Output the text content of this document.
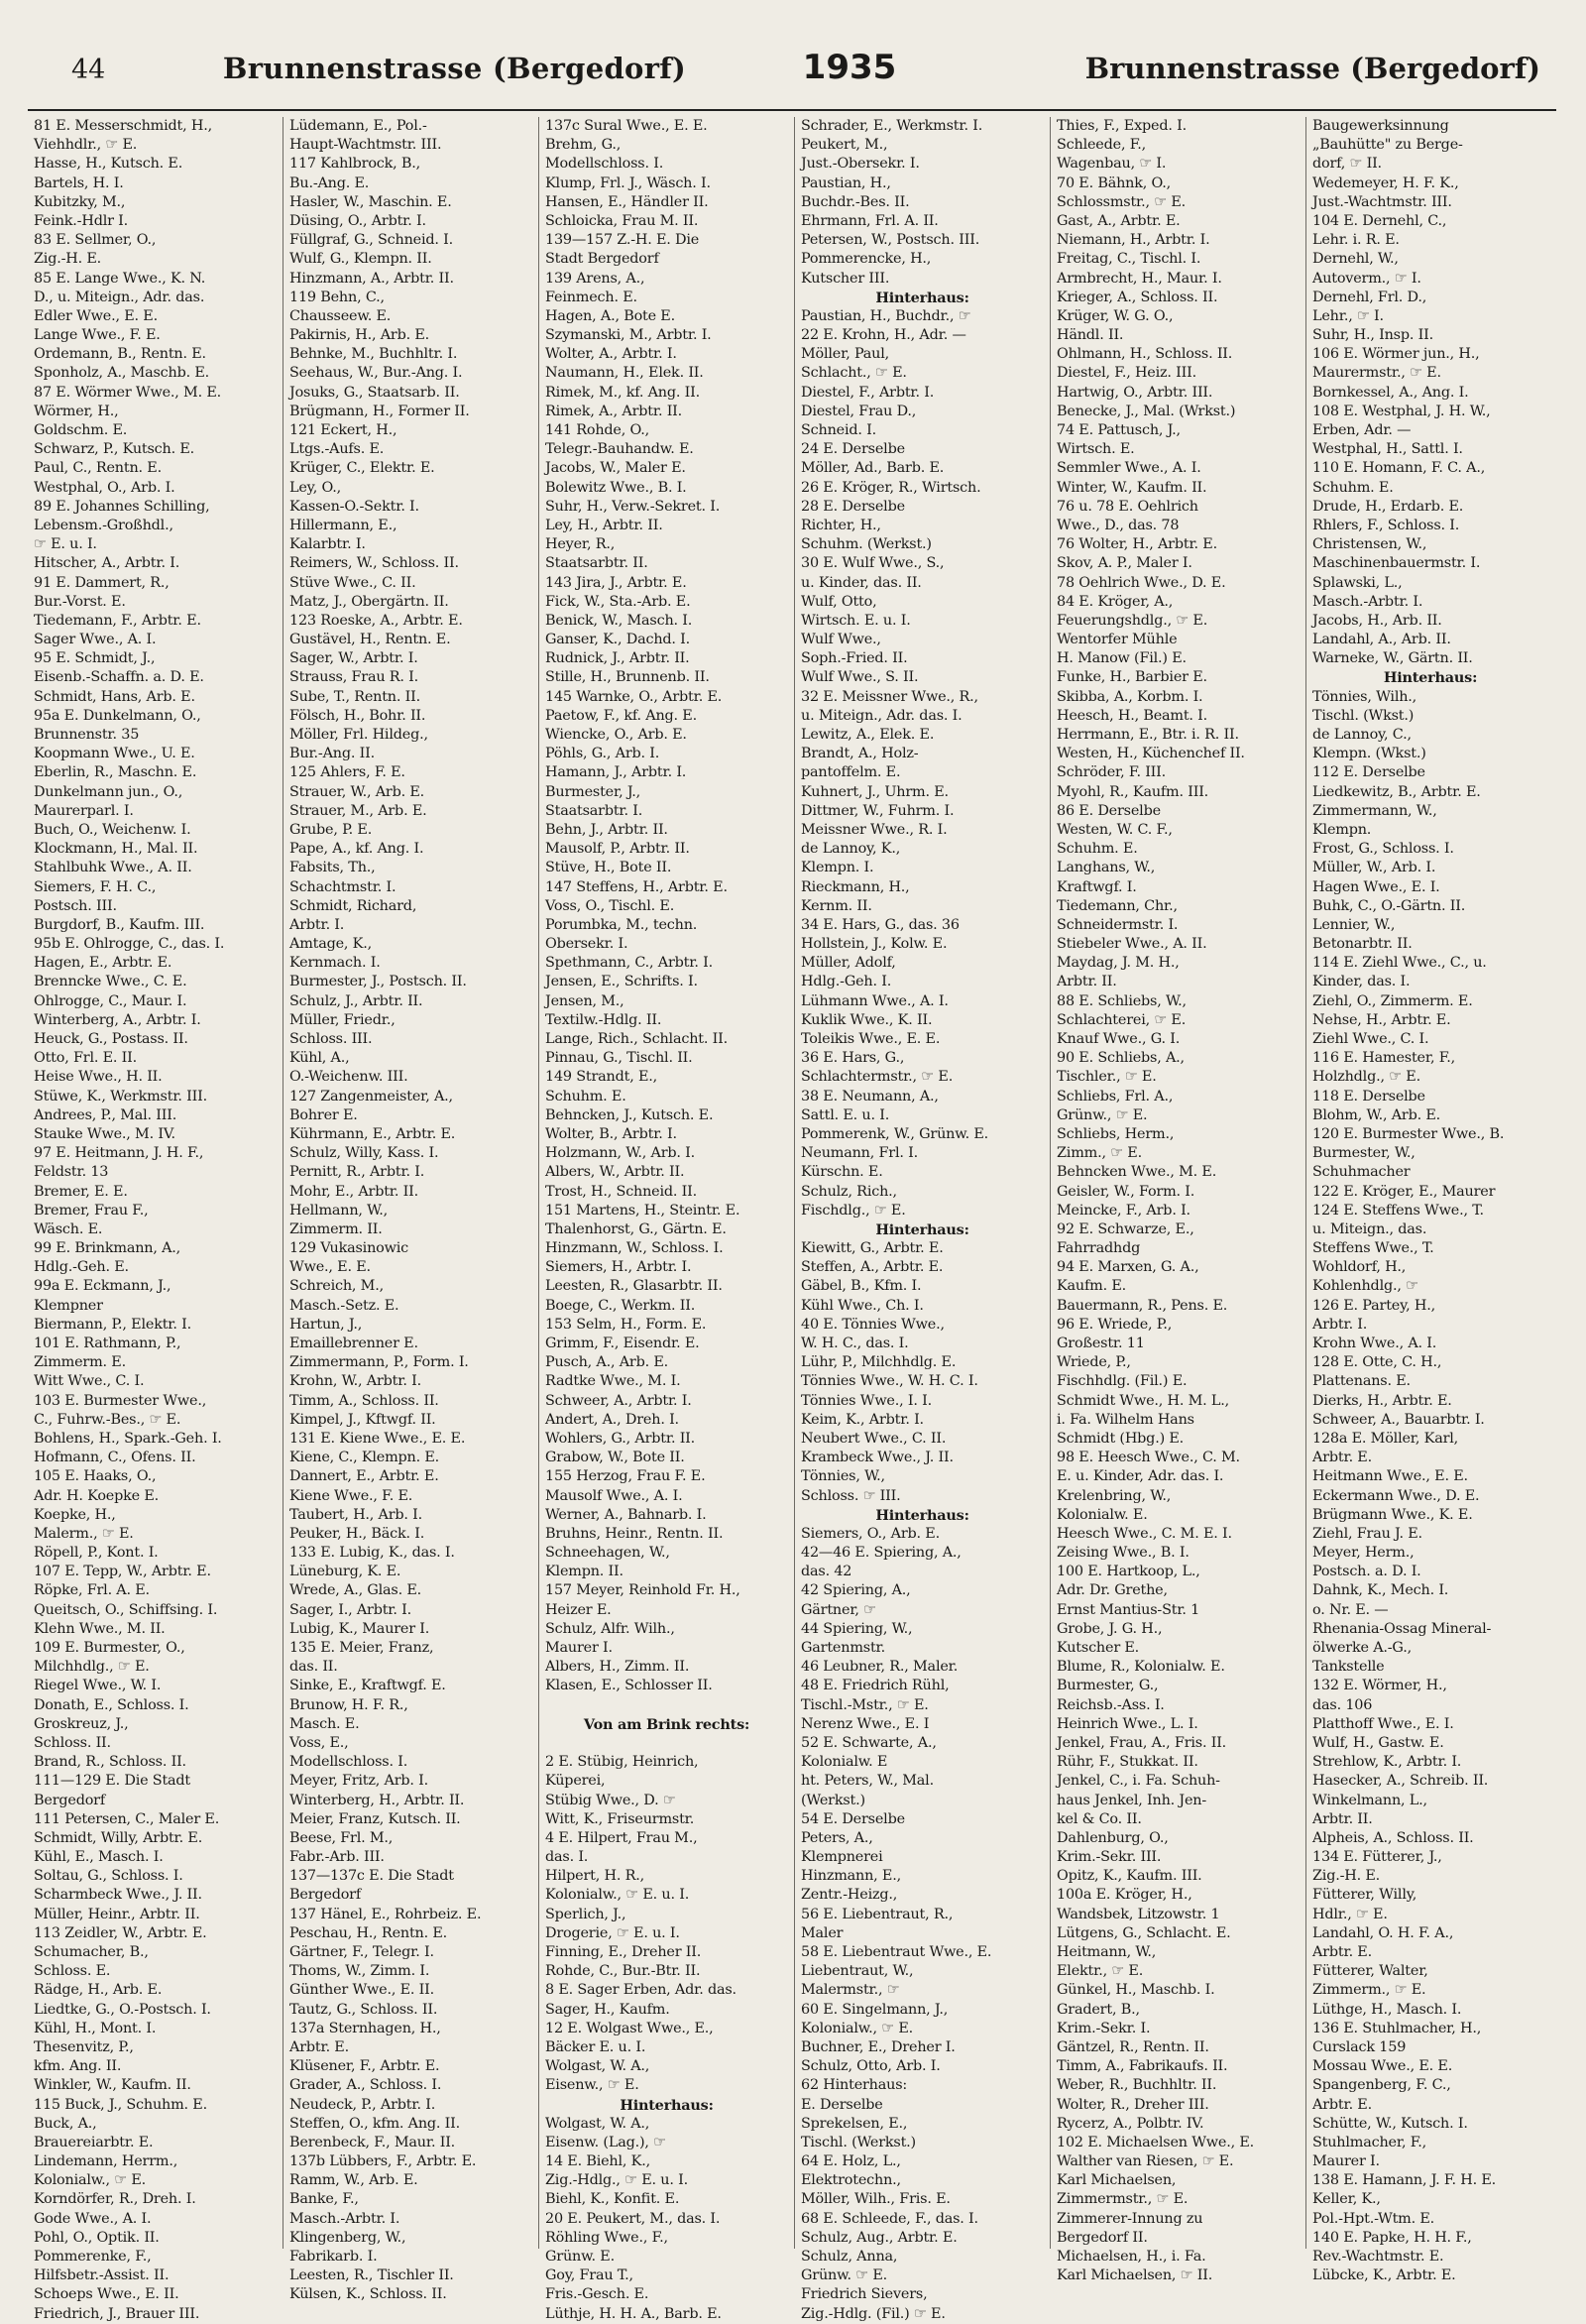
44	Brunnenstrasse (Bergedorf)	1935	Brunnenstrasse (Bergedorf)
81 E. Messerschmidt, H.,
Viehhdlr., ☞ E.
Hasse, H., Kutsch. E.
Bartels, H. I.
Kubitzky, M.,
Feink.-Hdlr I.
83 E. Sellmer, O.,
Zig.-H. E.
85 E. Lange Wwe., K. N.
D., u. Miteign., Adr. das.
Edler Wwe., E. E.
Lange Wwe., F. E.
Ordemann, B., Rentn. E.
Sponholz, A., Maschb. E.
87 E. Wörmer Wwe., M. E.
Wörmer, H.,
Goldschm. E.
Schwarz, P., Kutsch. E.
Paul, C., Rentn. E.
Westphal, O., Arb. I.
89 E. Johannes Schilling,
Lebensm.-Großhdl.,
☞ E. u. I.
Hitscher, A., Arbtr. I.
91 E. Dammert, R.,
Bur.-Vorst. E.
Tiedemann, F., Arbtr. E.
Sager Wwe., A. I.
95 E. Schmidt, J.,
Eisenb.-Schaffn. a. D. E.
Schmidt, Hans, Arb. E.
95a E. Dunkelmann, O.,
Brunnenstr. 35
Koopmann Wwe., U. E.
Eberlin, R., Maschn. E.
Dunkelmann jun., O.,
Maurerparl. I.
Buch, O., Weichenw. I.
Klockmann, H., Mal. II.
Stahlbuhk Wwe., A. II.
Siemers, F. H. C.,
Postsch. III.
Burgdorf, B., Kaufm. III.
95b E. Ohlrogge, C., das. I.
Hagen, E., Arbtr. E.
Brenncke Wwe., C. E.
Ohlrogge, C., Maur. I.
Winterberg, A., Arbtr. I.
Heuck, G., Postass. II.
Otto, Frl. E. II.
Heise Wwe., H. II.
Stüwe, K., Werkmstr. III.
Andrees, P., Mal. III.
Stauke Wwe., M. IV.
97 E. Heitmann, J. H. F.,
Feldstr. 13
Bremer, E. E.
Bremer, Frau F.,
Wäsch. E.
99 E. Brinkmann, A.,
Hdlg.-Geh. E.
99a E. Eckmann, J.,
Klempner
Biermann, P., Elektr. I.
101 E. Rathmann, P.,
Zimmerm. E.
Witt Wwe., C. I.
103 E. Burmester Wwe.,
C., Fuhrw.-Bes., ☞ E.
Bohlens, H., Spark.-Geh. I.
Hofmann, C., Ofens. II.
105 E. Haaks, O.,
Adr. H. Koepke E.
Koepke, H.,
Malerm., ☞ E.
Röpell, P., Kont. I.
107 E. Tepp, W., Arbtr. E.
Röpke, Frl. A. E.
Queitsch, O., Schiffsing. I.
Klehn Wwe., M. II.
109 E. Burmester, O.,
Milchhdlg., ☞ E.
Riegel Wwe., W. I.
Donath, E., Schloss. I.
Groskreuz, J.,
Schloss. II.
Brand, R., Schloss. II.
111—129 E. Die Stadt
Bergedorf
111 Petersen, C., Maler E.
Schmidt, Willy, Arbtr. E.
Kühl, E., Masch. I.
Soltau, G., Schloss. I.
Scharmbeck Wwe., J. II.
Müller, Heinr., Arbtr. II.
113 Zeidler, W., Arbtr. E.
Schumacher, B.,
Schloss. E.
Rädge, H., Arb. E.
Liedtke, G., O.-Postsch. I.
Kühl, H., Mont. I.
Thesenvitz, P.,
kfm. Ang. II.
Winkler, W., Kaufm. II.
115 Buck, J., Schuhm. E.
Buck, A.,
Brauereiarbtr. E.
Lindemann, Herrm.,
Kolonialw., ☞ E.
Korndörfer, R., Dreh. I.
Gode Wwe., A. I.
Pohl, O., Optik. II.
Pommerenke, F.,
Hilfsbetr.-Assist. II.
Schoeps Wwe., E. II.
Friedrich, J., Brauer III.
Lüdemann, E., Pol.-
Haupt-Wachtmstr. III.
117 Kahlbrock, B.,
Bu.-Ang. E.
Hasler, W., Maschin. E.
Düsing, O., Arbtr. I.
Füllgraf, G., Schneid. I.
Wulf, G., Klempn. II.
Hinzmann, A., Arbtr. II.
119 Behn, C.,
Chausseew. E.
Pakirnis, H., Arb. E.
Behnke, M., Buchhltr. I.
Seehaus, W., Bur.-Ang. I.
Josuks, G., Staatsarb. II.
Brügmann, H., Former II.
121 Eckert, H.,
Ltgs.-Aufs. E.
Krüger, C., Elektr. E.
Ley, O.,
Kassen-O.-Sektr. I.
Hillermann, E.,
Kalarbtr. I.
Reimers, W., Schloss. II.
Stüve Wwe., C. II.
Matz, J., Obergärtn. II.
123 Roeske, A., Arbtr. E.
Gustävel, H., Rentn. E.
Sager, W., Arbtr. I.
Strauss, Frau R. I.
Sube, T., Rentn. II.
Fölsch, H., Bohr. II.
Möller, Frl. Hildeg.,
Bur.-Ang. II.
125 Ahlers, F. E.
Strauer, W., Arb. E.
Strauer, M., Arb. E.
Grube, P. E.
Pape, A., kf. Ang. I.
Fabsits, Th.,
Schachtmstr. I.
Schmidt, Richard,
Arbtr. I.
Amtage, K.,
Kernmach. I.
Burmester, J., Postsch. II.
Schulz, J., Arbtr. II.
Müller, Friedr.,
Schloss. III.
Kühl, A.,
O.-Weichenw. III.
127 Zangenmeister, A.,
Bohrer E.
Kührmann, E., Arbtr. E.
Schulz, Willy, Kass. I.
Pernitt, R., Arbtr. I.
Mohr, E., Arbtr. II.
Hellmann, W.,
Zimmerm. II.
129 Vukasinowic
Wwe., E. E.
Schreich, M.,
Masch.-Setz. E.
Hartun, J.,
Emaillebrenner E.
Zimmermann, P., Form. I.
Krohn, W., Arbtr. I.
Timm, A., Schloss. II.
Kimpel, J., Kftwgf. II.
131 E. Kiene Wwe., E. E.
Kiene, C., Klempn. E.
Dannert, E., Arbtr. E.
Kiene Wwe., F. E.
Taubert, H., Arb. I.
Peuker, H., Bäck. I.
133 E. Lubig, K., das. I.
Lüneburg, K. E.
Wrede, A., Glas. E.
Sager, I., Arbtr. I.
Lubig, K., Maurer I.
135 E. Meier, Franz,
das. II.
Sinke, E., Kraftwgf. E.
Brunow, H. F. R.,
Masch. E.
Voss, E.,
Modellschloss. I.
Meyer, Fritz, Arb. I.
Winterberg, H., Arbtr. II.
Meier, Franz, Kutsch. II.
Beese, Frl. M.,
Fabr.-Arb. III.
137—137c E. Die Stadt
Bergedorf
137 Hänel, E., Rohrbeiz. E.
Peschau, H., Rentn. E.
Gärtner, F., Telegr. I.
Thoms, W., Zimm. I.
Günther Wwe., E. II.
Tautz, G., Schloss. II.
137a Sternhagen, H.,
Arbtr. E.
Klüsener, F., Arbtr. E.
Grader, A., Schloss. I.
Neudeck, P., Arbtr. I.
Steffen, O., kfm. Ang. II.
Berenbeck, F., Maur. II.
137b Lübbers, F., Arbtr. E.
Ramm, W., Arb. E.
Banke, F.,
Masch.-Arbtr. I.
Klingenberg, W.,
Fabrikarb. I.
Leesten, R., Tischler II.
Külsen, K., Schloss. II.
137c Sural Wwe., E. E.
Brehm, G.,
Modellschloss. I.
Klump, Frl. J., Wäsch. I.
Hansen, E., Händler II.
Schloicka, Frau M. II.
139—157 Z.-H. E. Die
Stadt Bergedorf
139 Arens, A.,
Feinmech. E.
Hagen, A., Bote E.
Szymanski, M., Arbtr. I.
Wolter, A., Arbtr. I.
Naumann, H., Elek. II.
Rimek, M., kf. Ang. II.
Rimek, A., Arbtr. II.
141 Rohde, O.,
Telegr.-Bauhandw. E.
Jacobs, W., Maler E.
Bolewitz Wwe., B. I.
Suhr, H., Verw.-Sekret. I.
Ley, H., Arbtr. II.
Heyer, R.,
Staatsarbtr. II.
143 Jira, J., Arbtr. E.
Fick, W., Sta.-Arb. E.
Benick, W., Masch. I.
Ganser, K., Dachd. I.
Rudnick, J., Arbtr. II.
Stille, H., Brunnenb. II.
145 Warnke, O., Arbtr. E.
Paetow, F., kf. Ang. E.
Wiencke, O., Arb. E.
Pöhls, G., Arb. I.
Hamann, J., Arbtr. I.
Burmester, J.,
Staatsarbtr. I.
Behn, J., Arbtr. II.
Mausolf, P., Arbtr. II.
Stüve, H., Bote II.
147 Steffens, H., Arbtr. E.
Voss, O., Tischl. E.
Porumbka, M., techn.
Obersekr. I.
Spethmann, C., Arbtr. I.
Jensen, E., Schrifts. I.
Jensen, M.,
Textilw.-Hdlg. II.
Lange, Rich., Schlacht. II.
Pinnau, G., Tischl. II.
149 Strandt, E.,
Schuhm. E.
Behncken, J., Kutsch. E.
Wolter, B., Arbtr. I.
Holzmann, W., Arb. I.
Albers, W., Arbtr. II.
Trost, H., Schneid. II.
151 Martens, H., Steintr. E.
Thalenhorst, G., Gärtn. E.
Hinzmann, W., Schloss. I.
Siemers, H., Arbtr. I.
Leesten, R., Glasarbtr. II.
Boege, C., Werkm. II.
153 Selm, H., Form. E.
Grimm, F., Eisendr. E.
Pusch, A., Arb. E.
Radtke Wwe., M. I.
Schweer, A., Arbtr. I.
Andert, A., Dreh. I.
Wohlers, G., Arbtr. II.
Grabow, W., Bote II.
155 Herzog, Frau F. E.
Mausolf Wwe., A. I.
Werner, A., Bahnarb. I.
Bruhns, Heinr., Rentn. II.
Schneehagen, W.,
Klempn. II.
157 Meyer, Reinhold Fr. H.,
Heizer E.
Schulz, Alfr. Wilh.,
Maurer I.
Albers, H., Zimm. II.
Klasen, E., Schlosser II.
Von am Brink rechts:
2 E. Stübig, Heinrich,
Küperei,
Stübig Wwe., D. ☞
Witt, K., Friseurmstr.
4 E. Hilpert, Frau M.,
das. I.
Hilpert, H. R.,
Kolonialw., ☞ E. u. I.
Sperlich, J.,
Drogerie, ☞ E. u. I.
Finning, E., Dreher II.
Rohde, C., Bur.-Btr. II.
8 E. Sager Erben, Adr. das.
Sager, H., Kaufm.
12 E. Wolgast Wwe., E.,
Bäcker E. u. I.
Wolgast, W. A.,
Eisenw., ☞ E.
Hinterhaus:
Wolgast, W. A.,
Eisenw. (Lag.), ☞
14 E. Biehl, K.,
Zig.-Hdlg., ☞ E. u. I.
Biehl, K., Konfit. E.
20 E. Peukert, M., das. I.
Röhling Wwe., F.,
Grünw. E.
Goy, Frau T.,
Fris.-Gesch. E.
Lüthje, H. H. A., Barb. E.
Schrader, E., Werkmstr. I.
Peukert, M.,
Just.-Obersekr. I.
Paustian, H.,
Buchdr.-Bes. II.
Ehrmann, Frl. A. II.
Petersen, W., Postsch. III.
Pommerencke, H.,
Kutscher III.
Hinterhaus:
Paustian, H., Buchdr., ☞
22 E. Krohn, H., Adr. —
Möller, Paul,
Schlacht., ☞ E.
Diestel, F., Arbtr. I.
Diestel, Frau D.,
Schneid. I.
24 E. Derselbe
Möller, Ad., Barb. E.
26 E. Kröger, R., Wirtsch.
28 E. Derselbe
Richter, H.,
Schuhm. (Werkst.)
30 E. Wulf Wwe., S.,
u. Kinder, das. II.
Wulf, Otto,
Wirtsch. E. u. I.
Wulf Wwe.,
Soph.-Fried. II.
Wulf Wwe., S. II.
32 E. Meissner Wwe., R.,
u. Miteign., Adr. das. I.
Lewitz, A., Elek. E.
Brandt, A., Holz-
pantoffelm. E.
Kuhnert, J., Uhrm. E.
Dittmer, W., Fuhrm. I.
Meissner Wwe., R. I.
de Lannoy, K.,
Klempn. I.
Rieckmann, H.,
Kernm. II.
34 E. Hars, G., das. 36
Hollstein, J., Kolw. E.
Müller, Adolf,
Hdlg.-Geh. I.
Lühmann Wwe., A. I.
Kuklik Wwe., K. II.
Toleikis Wwe., E. E.
36 E. Hars, G.,
Schlachtermstr., ☞ E.
38 E. Neumann, A.,
Sattl. E. u. I.
Pommerenk, W., Grünw. E.
Neumann, Frl. I.
Kürschn. E.
Schulz, Rich.,
Fischdlg., ☞ E.
Hinterhaus:
Kiewitt, G., Arbtr. E.
Steffen, A., Arbtr. E.
Gäbel, B., Kfm. I.
Kühl Wwe., Ch. I.
40 E. Tönnies Wwe.,
W. H. C., das. I.
Lühr, P., Milchhdlg. E.
Tönnies Wwe., W. H. C. I.
Tönnies Wwe., I. I.
Keim, K., Arbtr. I.
Neubert Wwe., C. II.
Krambeck Wwe., J. II.
Tönnies, W.,
Schloss. ☞ III.
Hinterhaus:
Siemers, O., Arb. E.
42—46 E. Spiering, A.,
das. 42
42 Spiering, A.,
Gärtner, ☞
44 Spiering, W.,
Gartenmstr.
46 Leubner, R., Maler.
48 E. Friedrich Rühl,
Tischl.-Mstr., ☞ E.
Nerenz Wwe., E. I
52 E. Schwarte, A.,
Kolonialw. E
ht. Peters, W., Mal.
(Werkst.)
54 E. Derselbe
Peters, A.,
Klempnerei
Hinzmann, E.,
Zentr.-Heizg.,
56 E. Liebentraut, R.,
Maler
58 E. Liebentraut Wwe., E.
Liebentraut, W.,
Malermstr., ☞
60 E. Singelmann, J.,
Kolonialw., ☞ E.
Buchner, E., Dreher I.
Schulz, Otto, Arb. I.
62 Hinterhaus:
E. Derselbe
Sprekelsen, E.,
Tischl. (Werkst.)
64 E. Holz, L.,
Elektrotechn.,
Möller, Wilh., Fris. E.
68 E. Schleede, F., das. I.
Schulz, Aug., Arbtr. E.
Schulz, Anna,
Grünw. ☞ E.
Friedrich Sievers,
Zig.-Hdlg. (Fil.) ☞ E.
Thies, F., Exped. I.
Schleede, F.,
Wagenbau, ☞ I.
70 E. Bähnk, O.,
Schlossmstr., ☞ E.
Gast, A., Arbtr. E.
Niemann, H., Arbtr. I.
Freitag, C., Tischl. I.
Armbrecht, H., Maur. I.
Krieger, A., Schloss. II.
Krüger, W. G. O.,
Händl. II.
Ohlmann, H., Schloss. II.
Diestel, F., Heiz. III.
Hartwig, O., Arbtr. III.
Benecke, J., Mal. (Wrkst.)
74 E. Pattusch, J.,
Wirtsch. E.
Semmler Wwe., A. I.
Winter, W., Kaufm. II.
76 u. 78 E. Oehlrich
Wwe., D., das. 78
76 Wolter, H., Arbtr. E.
Skov, A. P., Maler I.
78 Oehlrich Wwe., D. E.
84 E. Kröger, A.,
Feuerungshdlg., ☞ E.
Wentorfer Mühle
H. Manow (Fil.) E.
Funke, H., Barbier E.
Skibba, A., Korbm. I.
Heesch, H., Beamt. I.
Herrmann, E., Btr. i. R. II.
Westen, H., Küchenchef II.
Schröder, F. III.
Myohl, R., Kaufm. III.
86 E. Derselbe
Westen, W. C. F.,
Schuhm. E.
Langhans, W.,
Kraftwgf. I.
Tiedemann, Chr.,
Schneidermstr. I.
Stiebeler Wwe., A. II.
Maydag, J. M. H.,
Arbtr. II.
88 E. Schliebs, W.,
Schlachterei, ☞ E.
Knauf Wwe., G. I.
90 E. Schliebs, A.,
Tischler., ☞ E.
Schliebs, Frl. A.,
Grünw., ☞ E.
Schliebs, Herm.,
Zimm., ☞ E.
Behncken Wwe., M. E.
Geisler, W., Form. I.
Meincke, F., Arb. I.
92 E. Schwarze, E.,
Fahrradhdg
94 E. Marxen, G. A.,
Kaufm. E.
Bauermann, R., Pens. E.
96 E. Wriede, P.,
Großestr. 11
Wriede, P.,
Fischhdlg. (Fil.) E.
Schmidt Wwe., H. M. L.,
i. Fa. Wilhelm Hans
Schmidt (Hbg.) E.
98 E. Heesch Wwe., C. M.
E. u. Kinder, Adr. das. I.
Krelenbring, W.,
Kolonialw. E.
Heesch Wwe., C. M. E. I.
Zeising Wwe., B. I.
100 E. Hartkoop, L.,
Adr. Dr. Grethe,
Ernst Mantius-Str. 1
Grobe, J. G. H.,
Kutscher E.
Blume, R., Kolonialw. E.
Burmester, G.,
Reichsb.-Ass. I.
Heinrich Wwe., L. I.
Jenkel, Frau, A., Fris. II.
Rühr, F., Stukkat. II.
Jenkel, C., i. Fa. Schuh-
haus Jenkel, Inh. Jen-
kel & Co. II.
Dahlenburg, O.,
Krim.-Sekr. III.
Opitz, K., Kaufm. III.
100a E. Kröger, H.,
Wandsbek, Litzowstr. 1
Lütgens, G., Schlacht. E.
Heitmann, W.,
Elektr., ☞ E.
Günkel, H., Maschb. I.
Gradert, B.,
Krim.-Sekr. I.
Gäntzel, R., Rentn. II.
Timm, A., Fabrikaufs. II.
Weber, R., Buchhltr. II.
Wolter, R., Dreher III.
Rycerz, A., Polbtr. IV.
102 E. Michaelsen Wwe., E.
Walther van Riesen, ☞ E.
Karl Michaelsen,
Zimmermstr., ☞ E.
Zimmerer-Innung zu
Bergedorf II.
Michaelsen, H., i. Fa.
Karl Michaelsen, ☞ II.
Baugewerksinnung
„Bauhütte" zu Berge-
dorf, ☞ II.
Wedemeyer, H. F. K.,
Just.-Wachtmstr. III.
104 E. Dernehl, C.,
Lehr. i. R. E.
Dernehl, W.,
Autoverm., ☞ I.
Dernehl, Frl. D.,
Lehr., ☞ I.
Suhr, H., Insp. II.
106 E. Wörmer jun., H.,
Maurermstr., ☞ E.
Bornkessel, A., Ang. I.
108 E. Westphal, J. H. W.,
Erben, Adr. —
Westphal, H., Sattl. I.
110 E. Homann, F. C. A.,
Schuhm. E.
Drude, H., Erdarb. E.
Rhlers, F., Schloss. I.
Christensen, W.,
Maschinenbauermstr. I.
Splawski, L.,
Masch.-Arbtr. I.
Jacobs, H., Arb. II.
Landahl, A., Arb. II.
Warneke, W., Gärtn. II.
Hinterhaus:
Tönnies, Wilh.,
Tischl. (Wkst.)
de Lannoy, C.,
Klempn. (Wkst.)
112 E. Derselbe
Liedkewitz, B., Arbtr. E.
Zimmermann, W.,
Klempn.
Frost, G., Schloss. I.
Müller, W., Arb. I.
Hagen Wwe., E. I.
Buhk, C., O.-Gärtn. II.
Lennier, W.,
Betonarbtr. II.
114 E. Ziehl Wwe., C., u.
Kinder, das. I.
Ziehl, O., Zimmerm. E.
Nehse, H., Arbtr. E.
Ziehl Wwe., C. I.
116 E. Hamester, F.,
Holzhdlg., ☞ E.
118 E. Derselbe
Blohm, W., Arb. E.
120 E. Burmester Wwe., B.
Burmester, W.,
Schuhmacher
122 E. Kröger, E., Maurer
124 E. Steffens Wwe., T.
u. Miteign., das.
Steffens Wwe., T.
Wohldorf, H.,
Kohlenhdlg., ☞
126 E. Partey, H.,
Arbtr. I.
Krohn Wwe., A. I.
128 E. Otte, C. H.,
Plattenans. E.
Dierks, H., Arbtr. E.
Schweer, A., Bauarbtr. I.
128a E. Möller, Karl,
Arbtr. E.
Heitmann Wwe., E. E.
Eckermann Wwe., D. E.
Brügmann Wwe., K. E.
Ziehl, Frau J. E.
Meyer, Herm.,
Postsch. a. D. I.
Dahnk, K., Mech. I.
o. Nr. E. —
Rhenania-Ossag Mineral-
ölwerke A.-G.,
Tankstelle
132 E. Wörmer, H.,
das. 106
Platthoff Wwe., E. I.
Wulf, H., Gastw. E.
Strehlow, K., Arbtr. I.
Hasecker, A., Schreib. II.
Winkelmann, L.,
Arbtr. II.
Alpheis, A., Schloss. II.
134 E. Fütterer, J.,
Zig.-H. E.
Fütterer, Willy,
Hdlr., ☞ E.
Landahl, O. H. F. A.,
Arbtr. E.
Fütterer, Walter,
Zimmerm., ☞ E.
Lüthge, H., Masch. I.
136 E. Stuhlmacher, H.,
Curslack 159
Mossau Wwe., E. E.
Spangenberg, F. C.,
Arbtr. E.
Schütte, W., Kutsch. I.
Stuhlmacher, F.,
Maurer I.
138 E. Hamann, J. F. H. E.
Keller, K.,
Pol.-Hpt.-Wtm. E.
140 E. Papke, H. H. F.,
Rev.-Wachtmstr. E.
Lübcke, K., Arbtr. E.
